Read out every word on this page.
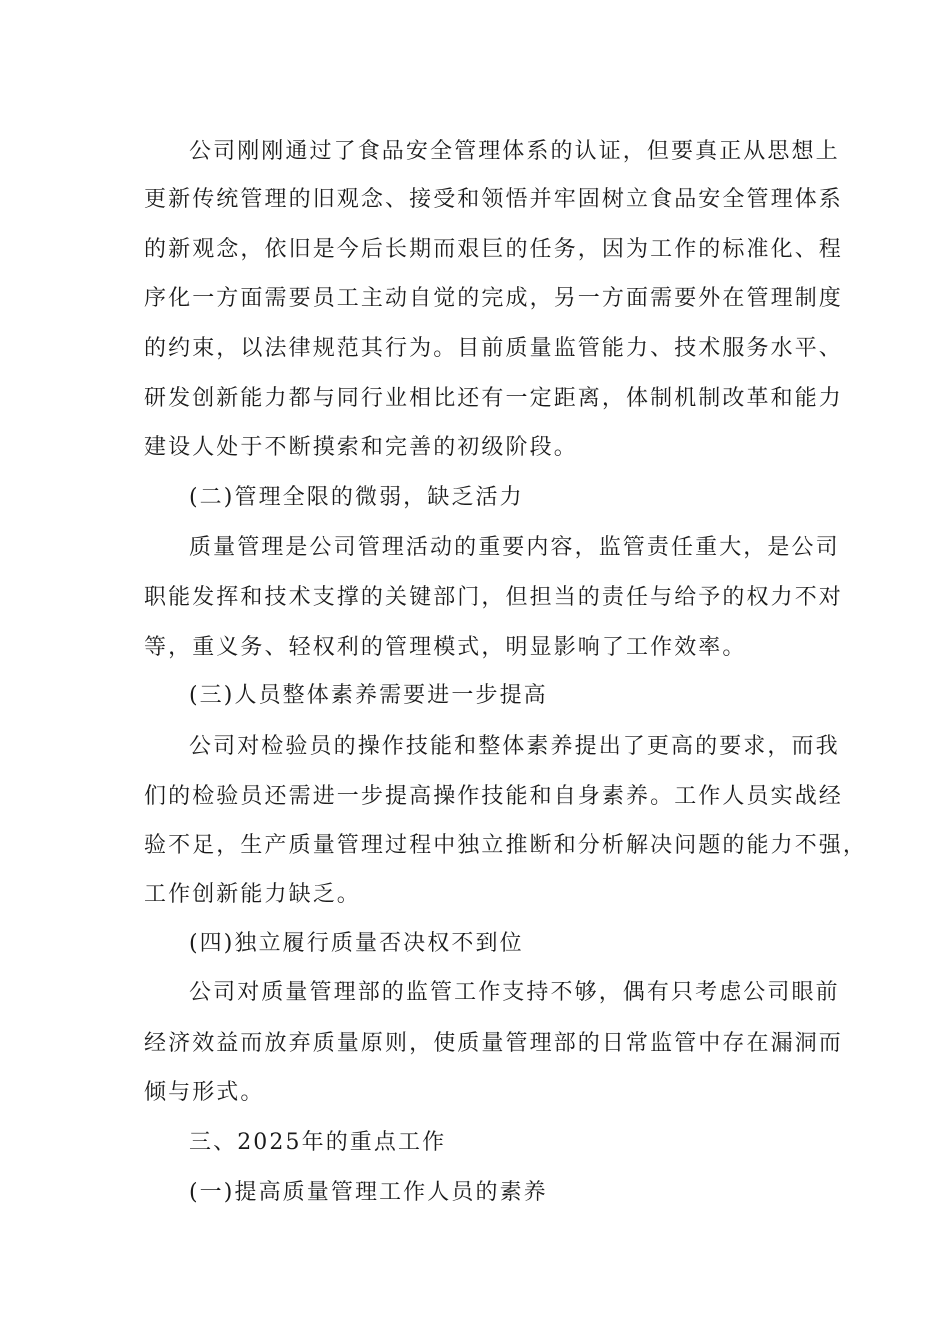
公司刚刚通过了食品安全管理体系的认证，但要真正从思想上
更新传统管理的旧观念、接受和领悟并牢固树立食品安全管理体系
的新观念，依旧是今后长期而艰巨的任务，因为工作的标准化、程
序化一方面需要员工主动自觉的完成，另一方面需要外在管理制度
的约束，以法律规范其行为。目前质量监管能力、技术服务水平、
研发创新能力都与同行业相比还有一定距离，体制机制改革和能力
建设人处于不断摸索和完善的初级阶段。
(二)管理全限的微弱，缺乏活力
质量管理是公司管理活动的重要内容，监管责任重大，是公司
职能发挥和技术支撑的关键部门，但担当的责任与给予的权力不对
等，重义务、轻权利的管理模式，明显影响了工作效率。
(三)人员整体素养需要进一步提高
公司对检验员的操作技能和整体素养提出了更高的要求，而我
们的检验员还需进一步提高操作技能和自身素养。工作人员实战经
验不足，生产质量管理过程中独立推断和分析解决问题的能力不强，
工作创新能力缺乏。
(四)独立履行质量否决权不到位
公司对质量管理部的监管工作支持不够，偶有只考虑公司眼前
经济效益而放弃质量原则，使质量管理部的日常监管中存在漏洞而
倾与形式。
三、2025年的重点工作
(一)提高质量管理工作人员的素养
